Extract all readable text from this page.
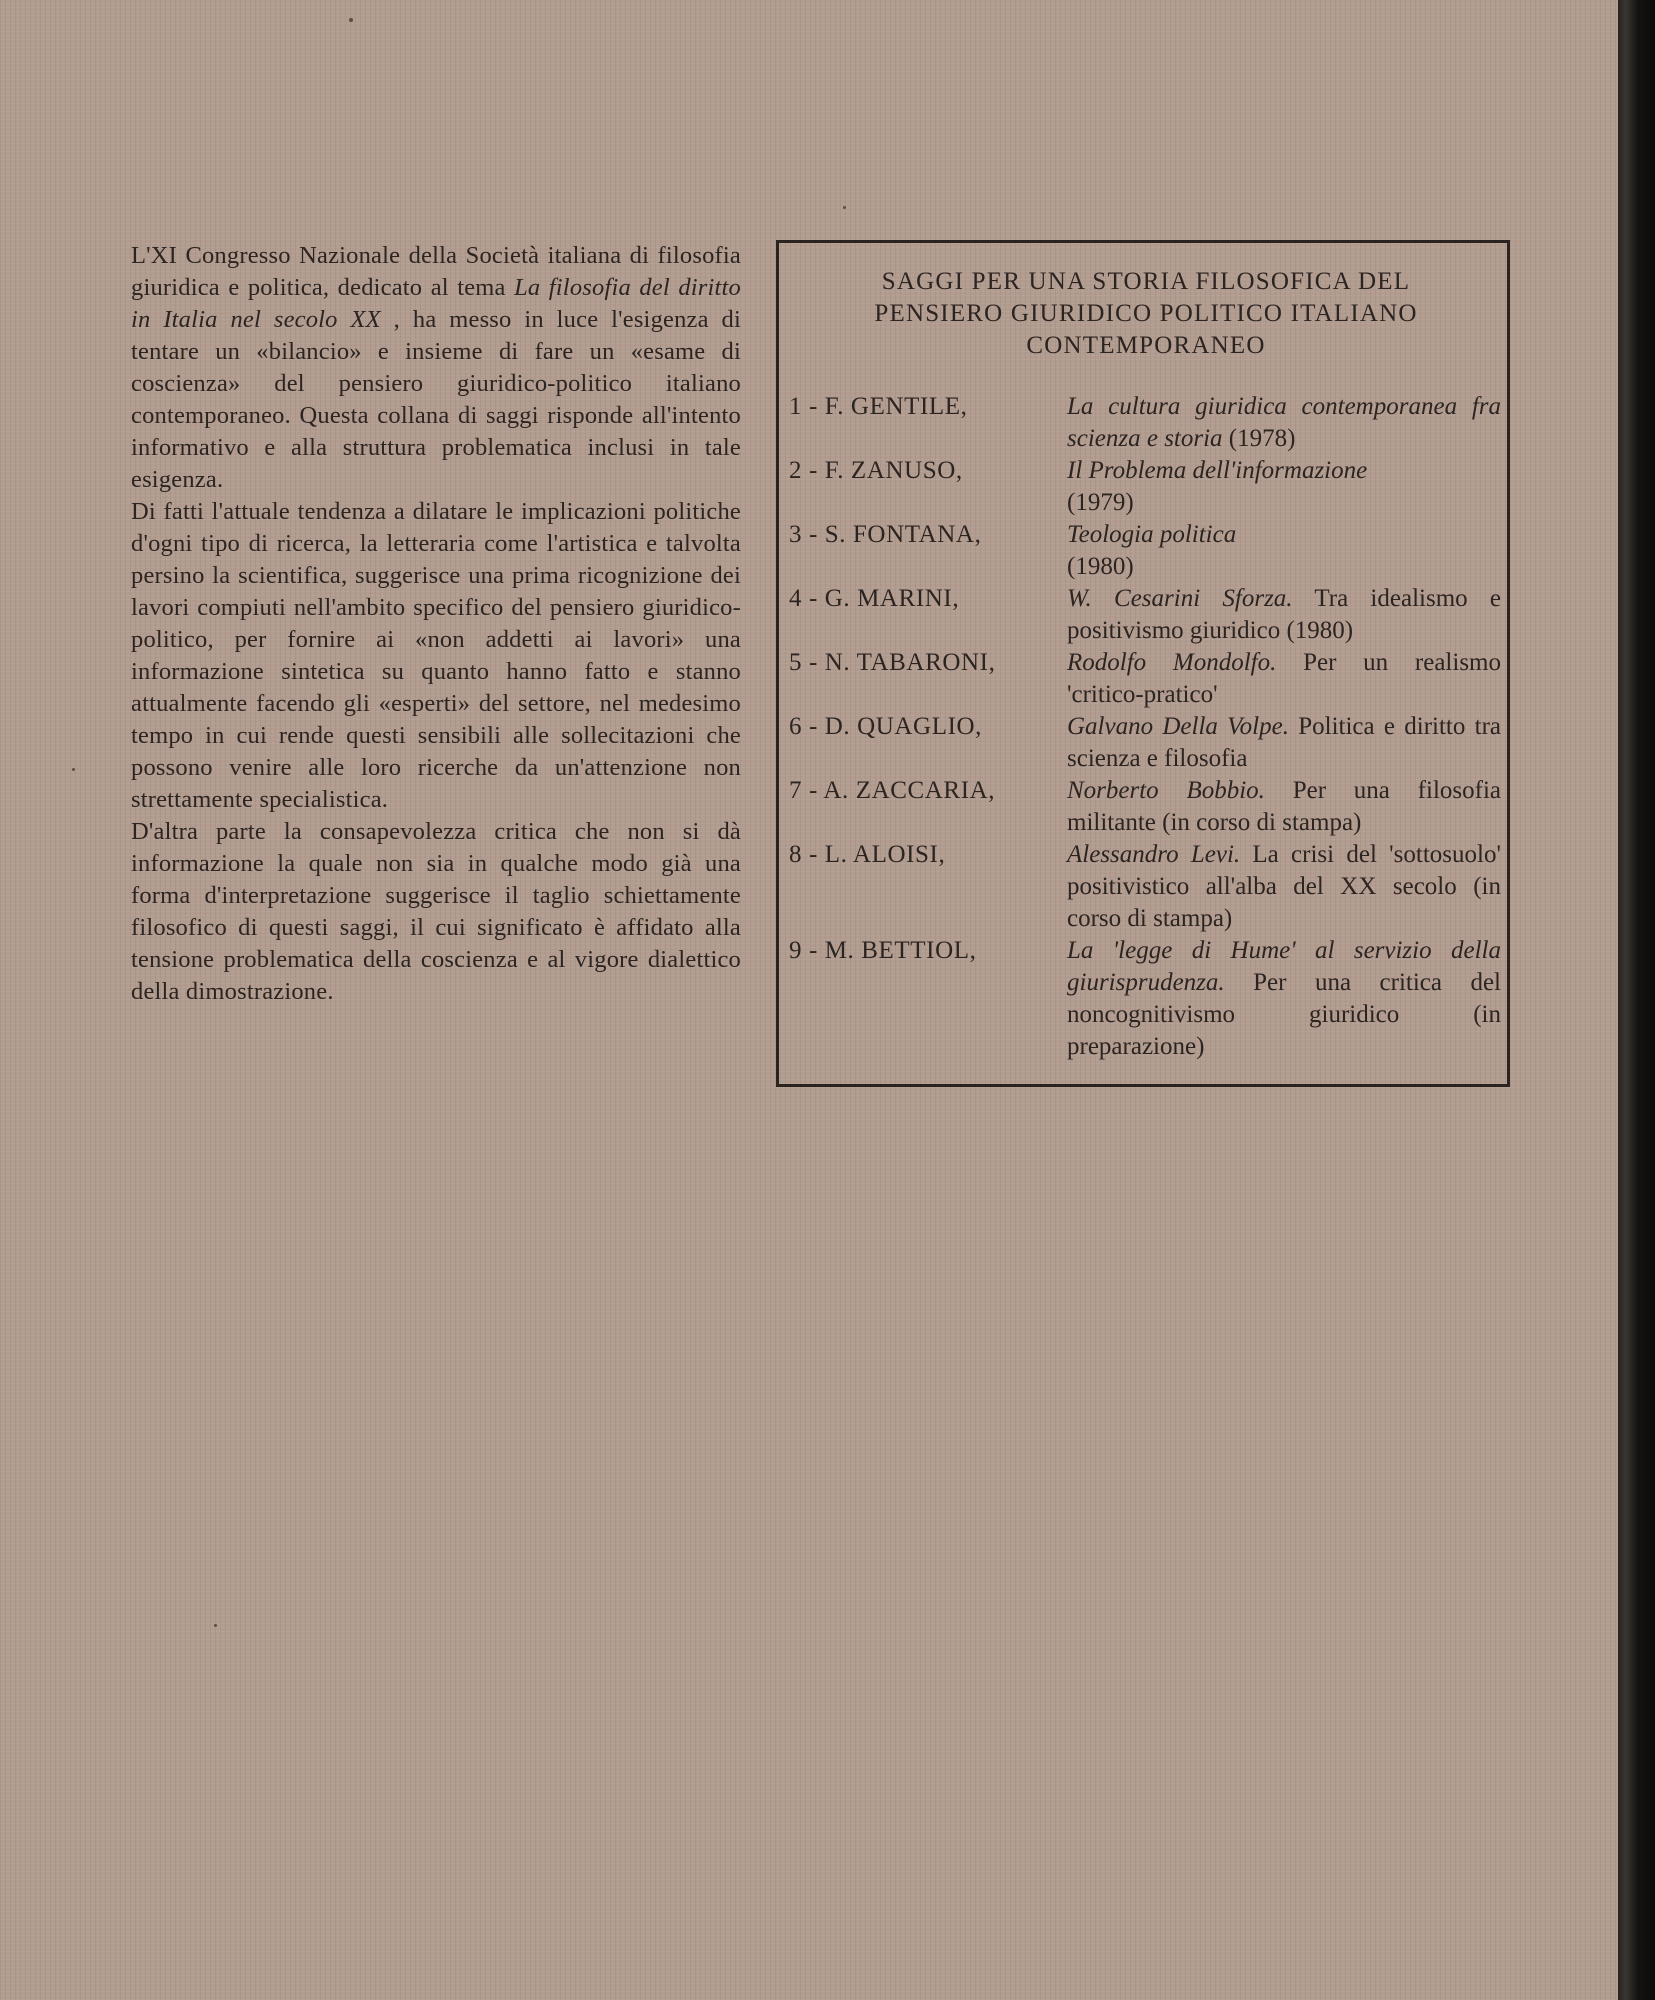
L'XI Congresso Nazionale della Società italiana di filosofia giuridica e politica, dedicato al tema La filosofia del diritto in Italia nel secolo XX , ha messo in luce l'esigenza di tentare un «bilancio» e insieme di fare un «esame di coscienza» del pensiero giuridico-politico italiano contemporaneo. Questa collana di saggi risponde all'intento informativo e alla struttura problematica inclusi in tale esigenza.

Di fatti l'attuale tendenza a dilatare le implicazioni politiche d'ogni tipo di ricerca, la letteraria come l'artistica e talvolta persino la scientifica, suggerisce una prima ricognizione dei lavori compiuti nell'ambito specifico del pensiero giuridico-politico, per fornire ai «non addetti ai lavori» una informazione sintetica su quanto hanno fatto e stanno attualmente facendo gli «esperti» del settore, nel medesimo tempo in cui rende questi sensibili alle sollecitazioni che possono venire alle loro ricerche da un'attenzione non strettamente specialistica.

D'altra parte la consapevolezza critica che non si dà informazione la quale non sia in qualche modo già una forma d'interpretazione suggerisce il taglio schiettamente filosofico di questi saggi, il cui significato è affidato alla tensione problematica della coscienza e al vigore dialettico della dimostrazione.

SAGGI PER UNA STORIA FILOSOFICA DEL
PENSIERO GIURIDICO POLITICO ITALIANO
CONTEMPORANEO
1 - F. GENTILE,	La cultura giuridica contemporanea fra scienza e storia (1978)
2 - F. ZANUSO,	Il Problema dell'informazione
(1979)
3 - S. FONTANA,	Teologia politica
(1980)
4 - G. MARINI,	W. Cesarini Sforza. Tra idealismo e positivismo giuridico (1980)
5 - N. TABARONI,	Rodolfo Mondolfo. Per un realismo 'critico-pratico'
6 - D. QUAGLIO,	Galvano Della Volpe. Politica e diritto tra scienza e filosofia
7 - A. ZACCARIA,	Norberto Bobbio. Per una filosofia militante (in corso di stampa)
8 - L. ALOISI,	Alessandro Levi. La crisi del 'sottosuolo' positivistico all'alba del XX secolo (in corso di stampa)
9 - M. BETTIOL,	La 'legge di Hume' al servizio della giurisprudenza. Per una critica del noncognitivismo giuridico (in preparazione)
